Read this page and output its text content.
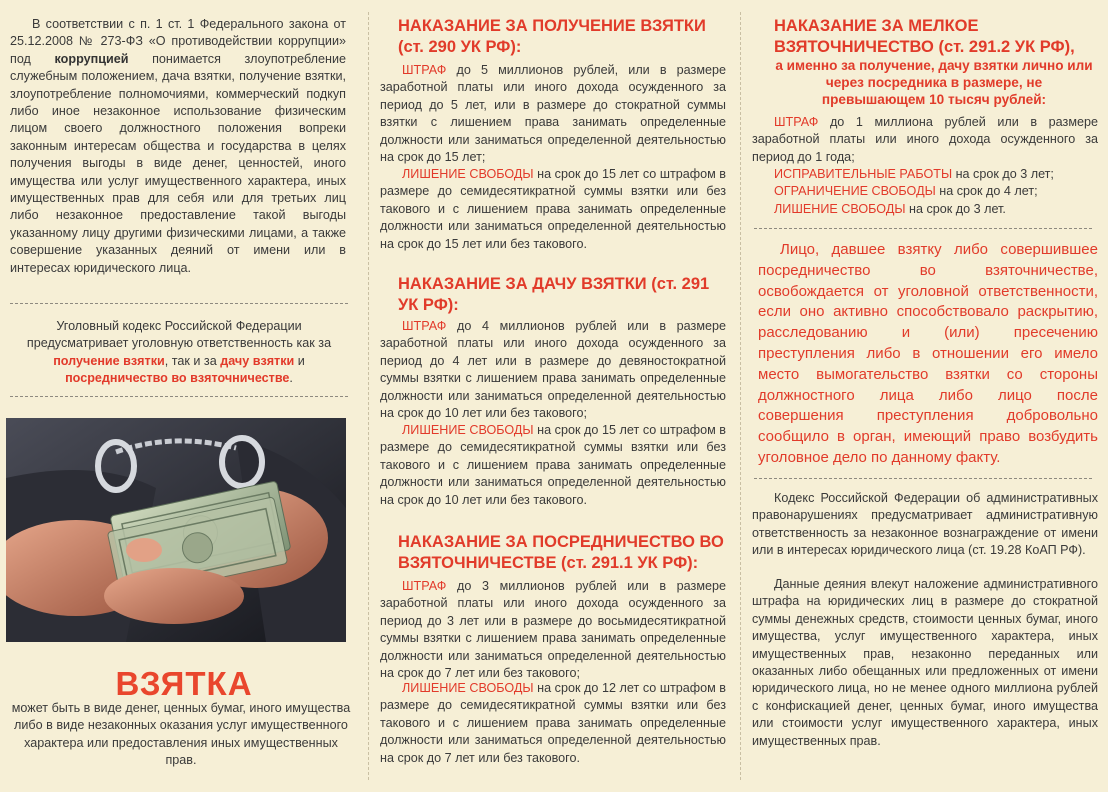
В соответствии с п. 1 ст. 1 Федерального закона от 25.12.2008 № 273-ФЗ «О противодействии коррупции» под коррупцией понимается злоупотребление служебным положением, дача взятки, получение взятки, злоупотребление полномочиями, коммерческий подкуп либо иное незаконное использование физическим лицом своего должностного положения вопреки законным интересам общества и государства в целях получения выгоды в виде денег, ценностей, иного имущества или услуг имущественного характера, иных имущественных прав для себя или для третьих лиц либо незаконное предоставление такой выгоды указанному лицу другими физическими лицами, а также совершение указанных деяний от имени или в интересах юридического лица.

Уголовный кодекс Российской Федерации предусматривает уголовную ответственность как за получение взятки, так и за дачу взятки и посредничество во взяточничестве.

ВЗЯТКА

может быть в виде денег, ценных бумаг, иного имущества либо в виде незаконных оказания услуг имущественного характера или предоставления иных имущественных прав.

НАКАЗАНИЕ ЗА ПОЛУЧЕНИЕ ВЗЯТКИ (ст. 290 УК РФ):

ШТРАФ до 5 миллионов рублей, или в размере заработной платы или иного дохода осужденного за период до 5 лет, или в размере до стократной суммы взятки с лишением права занимать определенные должности или заниматься определенной деятельностью на срок до 15 лет;

ЛИШЕНИЕ СВОБОДЫ на срок до 15 лет со штрафом в размере до семидесятикратной суммы взятки или без такового и с лишением права занимать определенные должности или заниматься определенной деятельностью на срок до 15 лет или без такового.

НАКАЗАНИЕ ЗА ДАЧУ ВЗЯТКИ (ст. 291 УК РФ):

ШТРАФ до 4 миллионов рублей или в размере заработной платы или иного дохода осужденного за период до 4 лет или в размере до девяностократной суммы взятки с лишением права занимать определенные должности или заниматься определенной деятельностью на срок до 10 лет или без такового;

ЛИШЕНИЕ СВОБОДЫ на срок до 15 лет со штрафом в размере до семидесятикратной суммы взятки или без такового и с лишением права занимать определенные должности или заниматься определенной деятельностью на срок до 10 лет или без такового.

НАКАЗАНИЕ ЗА ПОСРЕДНИЧЕСТВО ВО ВЗЯТОЧНИЧЕСТВЕ (ст. 291.1 УК РФ):

ШТРАФ до 3 миллионов рублей или в размере заработной платы или иного дохода осужденного за период до 3 лет или в размере до восьмидесятикратной суммы взятки с лишением права занимать определенные должности или заниматься определенной деятельностью на срок до 7 лет или без такового;

ЛИШЕНИЕ СВОБОДЫ на срок до 12 лет со штрафом в размере до семидесятикратной суммы взятки или без такового и с лишением права занимать определенные должности или заниматься определенной деятельностью на срок до 7 лет или без такового.

НАКАЗАНИЕ ЗА МЕЛКОЕ ВЗЯТОЧНИЧЕСТВО (ст. 291.2 УК РФ),

а именно за получение, дачу взятки лично или через посредника в размере, не превышающем 10 тысяч рублей:

ШТРАФ до 1 миллиона рублей или в размере заработной платы или иного дохода осужденного за период до 1 года;

ИСПРАВИТЕЛЬНЫЕ РАБОТЫ на срок до 3 лет;

ОГРАНИЧЕНИЕ СВОБОДЫ на срок до 4 лет;

ЛИШЕНИЕ СВОБОДЫ на срок до 3 лет.

Лицо, давшее взятку либо совершившее посредничество во взяточничестве, освобождается от уголовной ответственности, если оно активно способствовало раскрытию, расследованию и (или) пресечению преступления либо в отношении его имело место вымогательство взятки со стороны должностного лица либо лицо после совершения преступления добровольно сообщило в орган, имеющий право возбудить уголовное дело по данному факту.

Кодекс Российской Федерации об административных правонарушениях предусматривает административную ответственность за незаконное вознаграждение от имени или в интересах юридического лица (ст. 19.28 КоАП РФ).

Данные деяния влекут наложение административного штрафа на юридических лиц в размере до стократной суммы денежных средств, стоимости ценных бумаг, иного имущества, услуг имущественного характера, иных имущественных прав, незаконно переданных или оказанных либо обещанных или предложенных от имени юридического лица, но не менее одного миллиона рублей с конфискацией денег, ценных бумаг, иного имущества или стоимости услуг имущественного характера, иных имущественных прав.
